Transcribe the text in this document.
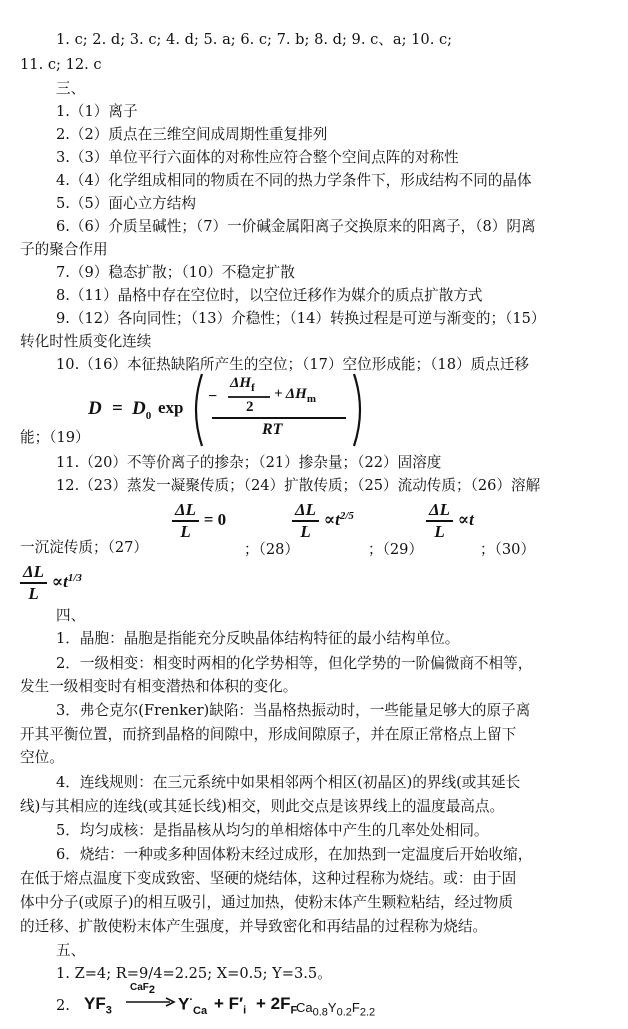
1. c; 2. d; 3. c; 4. d; 5. a; 6. c; 7. b; 8. d; 9. c、a; 10. c;
11. c; 12. c
三、
1.（1）离子
2.（2）质点在三维空间成周期性重复排列
3.（3）单位平行六面体的对称性应符合整个空间点阵的对称性
4.（4）化学组成相同的物质在不同的热力学条件下，形成结构不同的晶体
5.（5）面心立方结构
6.（6）介质呈碱性；（7）一价碱金属阳离子交换原来的阳离子，（8）阴离
子的聚合作用
7.（9）稳态扩散；（10）不稳定扩散
8.（11）晶格中存在空位时，以空位迁移作为媒介的质点扩散方式
9.（12）各向同性；（13）介稳性；（14）转换过程是可逆与渐变的；（15）
转化时性质变化连续
10.（16）本征热缺陷所产生的空位；（17）空位形成能；（18）质点迁移
$D = D_0$ exp
−
$\Delta H_f$
2
+ $\Delta H_m$
RT
能；（19）
11.（20）不等价离子的掺杂；（21）掺杂量；（22）固溶度
12.（23）蒸发一凝聚传质；（24）扩散传质；（25）流动传质；（26）溶解
一沉淀传质；（27）
$\frac{\Delta L}{L} = 0$
；（28）
$\frac{\Delta L}{L} \propto t^{2/5}$
；（29）
$\frac{\Delta L}{L} \propto t$
；（30）
$\frac{\Delta L}{L} \propto t^{1/3}$
四、
1．晶胞：晶胞是指能充分反映晶体结构特征的最小结构单位。
2．一级相变：相变时两相的化学势相等，但化学势的一阶偏微商不相等，
发生一级相变时有相变潜热和体积的变化。
3．弗仑克尔(Frenker)缺陷：当晶格热振动时，一些能量足够大的原子离
开其平衡位置，而挤到晶格的间隙中，形成间隙原子，并在原正常格点上留下
空位。
4．连线规则：在三元系统中如果相邻两个相区(初晶区)的界线(或其延长
线)与其相应的连线(或其延长线)相交，则此交点是该界线上的温度最高点。
5．均匀成核：是指晶核从均匀的单相熔体中产生的几率处处相同。
6．烧结：一种或多种固体粉末经过成形，在加热到一定温度后开始收缩，
在低于熔点温度下变成致密、坚硬的烧结体，这种过程称为烧结。或：由于固
体中分子(或原子)的相互吸引，通过加热，使粉末体产生颗粒粘结，经过物质
的迁移、扩散使粉末体产生强度，并导致密化和再结晶的过程称为烧结。
五、
1. Z=4; R=9/4=2.25; X=0.5; Y=3.5。
2. $YF_3$
CaF2
→ $Y^\cdot_{Ca} + F'_i + 2F_F$
$Ca_{0.8}Y_{0.2}F_{2.2}$
